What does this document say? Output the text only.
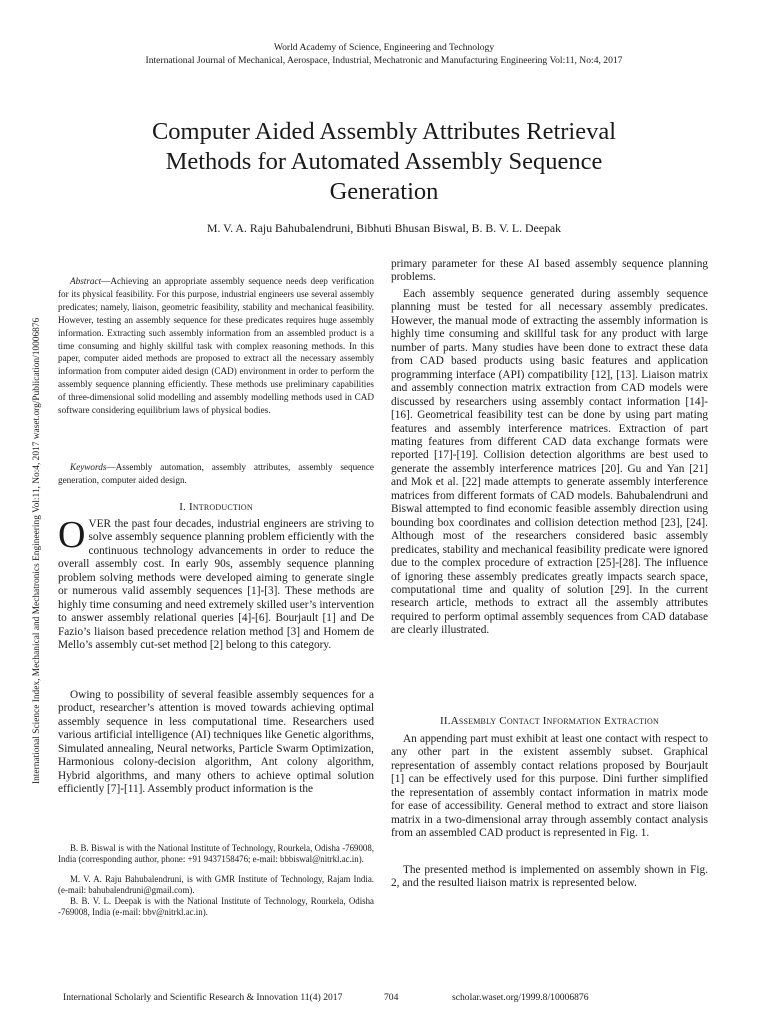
World Academy of Science, Engineering and Technology
International Journal of Mechanical, Aerospace, Industrial, Mechatronic and Manufacturing Engineering Vol:11, No:4, 2017
International Science Index, Mechanical and Mechatronics Engineering Vol:11, No:4, 2017 waset.org/Publication/10006876
Computer Aided Assembly Attributes Retrieval
Methods for Automated Assembly Sequence
Generation
M. V. A. Raju Bahubalendruni, Bibhuti Bhusan Biswal, B. B. V. L. Deepak
Abstract—Achieving an appropriate assembly sequence needs deep verification for its physical feasibility. For this purpose, industrial engineers use several assembly predicates; namely, liaison, geometric feasibility, stability and mechanical feasibility. However, testing an assembly sequence for these predicates requires huge assembly information. Extracting such assembly information from an assembled product is a time consuming and highly skillful task with complex reasoning methods. In this paper, computer aided methods are proposed to extract all the necessary assembly information from computer aided design (CAD) environment in order to perform the assembly sequence planning efficiently. These methods use preliminary capabilities of three-dimensional solid modelling and assembly modelling methods used in CAD software considering equilibrium laws of physical bodies.
Keywords—Assembly automation, assembly attributes, assembly sequence generation, computer aided design.
I. Introduction
OVER the past four decades, industrial engineers are striving to solve assembly sequence planning problem efficiently with the continuous technology advancements in order to reduce the overall assembly cost. In early 90s, assembly sequence planning problem solving methods were developed aiming to generate single or numerous valid assembly sequences [1]-[3]. These methods are highly time consuming and need extremely skilled user’s intervention to answer assembly relational queries [4]-[6]. Bourjault [1] and De Fazio’s liaison based precedence relation method [3] and Homem de Mello’s assembly cut-set method [2] belong to this category.
Owing to possibility of several feasible assembly sequences for a product, researcher’s attention is moved towards achieving optimal assembly sequence in less computational time. Researchers used various artificial intelligence (AI) techniques like Genetic algorithms, Simulated annealing, Neural networks, Particle Swarm Optimization, Harmonious colony-decision algorithm, Ant colony algorithm, Hybrid algorithms, and many others to achieve optimal solution efficiently [7]-[11]. Assembly product information is the
B. B. Biswal is with the National Institute of Technology, Rourkela, Odisha -769008, India (corresponding author, phone: +91 9437158476; e-mail: bbbiswal@nitrkl.ac.in).
M. V. A. Raju Bahubalendruni, is with GMR Institute of Technology, Rajam India. (e-mail: bahubalendruni@gmail.com).
B. B. V. L. Deepak is with the National Institute of Technology, Rourkela, Odisha -769008, India (e-mail: bbv@nitrkl.ac.in).
primary parameter for these AI based assembly sequence planning problems.
Each assembly sequence generated during assembly sequence planning must be tested for all necessary assembly predicates. However, the manual mode of extracting the assembly information is highly time consuming and skillful task for any product with large number of parts. Many studies have been done to extract these data from CAD based products using basic features and application programming interface (API) compatibility [12], [13]. Liaison matrix and assembly connection matrix extraction from CAD models were discussed by researchers using assembly contact information [14]-[16]. Geometrical feasibility test can be done by using part mating features and assembly interference matrices. Extraction of part mating features from different CAD data exchange formats were reported [17]-[19]. Collision detection algorithms are best used to generate the assembly interference matrices [20]. Gu and Yan [21] and Mok et al. [22] made attempts to generate assembly interference matrices from different formats of CAD models. Bahubalendruni and Biswal attempted to find economic feasible assembly direction using bounding box coordinates and collision detection method [23], [24]. Although most of the researchers considered basic assembly predicates, stability and mechanical feasibility predicate were ignored due to the complex procedure of extraction [25]-[28]. The influence of ignoring these assembly predicates greatly impacts search space, computational time and quality of solution [29]. In the current research article, methods to extract all the assembly attributes required to perform optimal assembly sequences from CAD database are clearly illustrated.
II.Assembly Contact Information Extraction
An appending part must exhibit at least one contact with respect to any other part in the existent assembly subset. Graphical representation of assembly contact relations proposed by Bourjault [1] can be effectively used for this purpose. Dini further simplified the representation of assembly contact information in matrix mode for ease of accessibility. General method to extract and store liaison matrix in a two-dimensional array through assembly contact analysis from an assembled CAD product is represented in Fig. 1.
The presented method is implemented on assembly shown in Fig. 2, and the resulted liaison matrix is represented below.
International Scholarly and Scientific Research & Innovation 11(4) 2017	704	scholar.waset.org/1999.8/10006876
